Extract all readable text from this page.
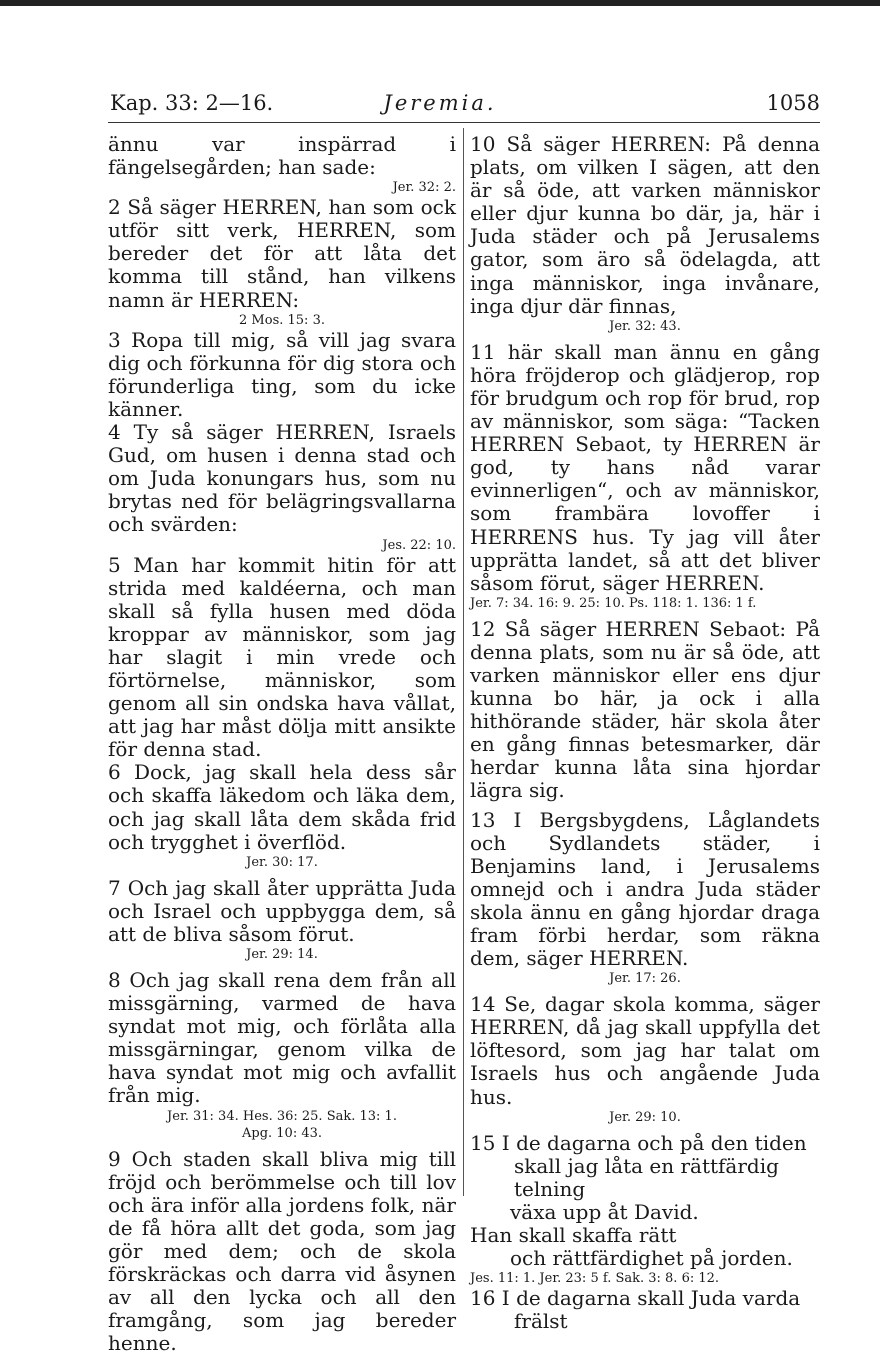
Kap. 33: 2—16.	Jeremia.	1058

ännu var inspärrad i fängelsegården; han sade:

Jer. 32: 2.

2 Så säger HERREN, han som ock utför sitt verk, HERREN, som bereder det för att låta det komma till stånd, han vilkens namn är HERREN:

2 Mos. 15: 3.

3 Ropa till mig, så vill jag svara dig och förkunna för dig stora och förunderliga ting, som du icke känner.

4 Ty så säger HERREN, Israels Gud, om husen i denna stad och om Juda konungars hus, som nu brytas ned för belägringsvallarna och svärden:

Jes. 22: 10.

5 Man har kommit hitin för att strida med kaldéerna, och man skall så fylla husen med döda kroppar av människor, som jag har slagit i min vrede och förtörnelse, människor, som genom all sin ondska hava vållat, att jag har måst dölja mitt ansikte för denna stad.

6 Dock, jag skall hela dess sår och skaffa läkedom och läka dem, och jag skall låta dem skåda frid och trygghet i överflöd.

Jer. 30: 17.

7 Och jag skall åter upprätta Juda och Israel och uppbygga dem, så att de bliva såsom förut.

Jer. 29: 14.

8 Och jag skall rena dem från all missgärning, varmed de hava syndat mot mig, och förlåta alla missgärningar, genom vilka de hava syndat mot mig och avfallit från mig.

Jer. 31: 34. Hes. 36: 25. Sak. 13: 1.

Apg. 10: 43.

9 Och staden skall bliva mig till fröjd och berömmelse och till lov och ära inför alla jordens folk, när de få höra allt det goda, som jag gör med dem; och de skola förskräckas och darra vid åsynen av all den lycka och all den framgång, som jag bereder henne.

10 Så säger HERREN: På denna plats, om vilken I sägen, att den är så öde, att varken människor eller djur kunna bo där, ja, här i Juda städer och på Jerusalems gator, som äro så ödelagda, att inga människor, inga invånare, inga djur där finnas,

Jer. 32: 43.

11 här skall man ännu en gång höra fröjderop och glädjerop, rop för brudgum och rop för brud, rop av människor, som säga: “Tacken HERREN Sebaot, ty HERREN är god, ty hans nåd varar evinnerligen“, och av människor, som frambära lovoffer i HERRENS hus. Ty jag vill åter upprätta landet, så att det bliver såsom förut, säger HERREN.

Jer. 7: 34. 16: 9. 25: 10. Ps. 118: 1. 136: 1 f.

12 Så säger HERREN Sebaot: På denna plats, som nu är så öde, att varken människor eller ens djur kunna bo här, ja ock i alla hithörande städer, här skola åter en gång finnas betesmarker, där herdar kunna låta sina hjordar lägra sig.

13 I Bergsbygdens, Låglandets och Sydlandets städer, i Benjamins land, i Jerusalems omnejd och i andra Juda städer skola ännu en gång hjordar draga fram förbi herdar, som räkna dem, säger HERREN.

Jer. 17: 26.

14 Se, dagar skola komma, säger HERREN, då jag skall uppfylla det löftesord, som jag har talat om Israels hus och angående Juda hus.

Jer. 29: 10.

15 I de dagarna och på den tiden
skall jag låta en rättfärdig telning
växa upp åt David.
Han skall skaffa rätt
och rättfärdighet på jorden.

Jes. 11: 1. Jer. 23: 5 f. Sak. 3: 8. 6: 12.

16 I de dagarna skall Juda varda
frälst
